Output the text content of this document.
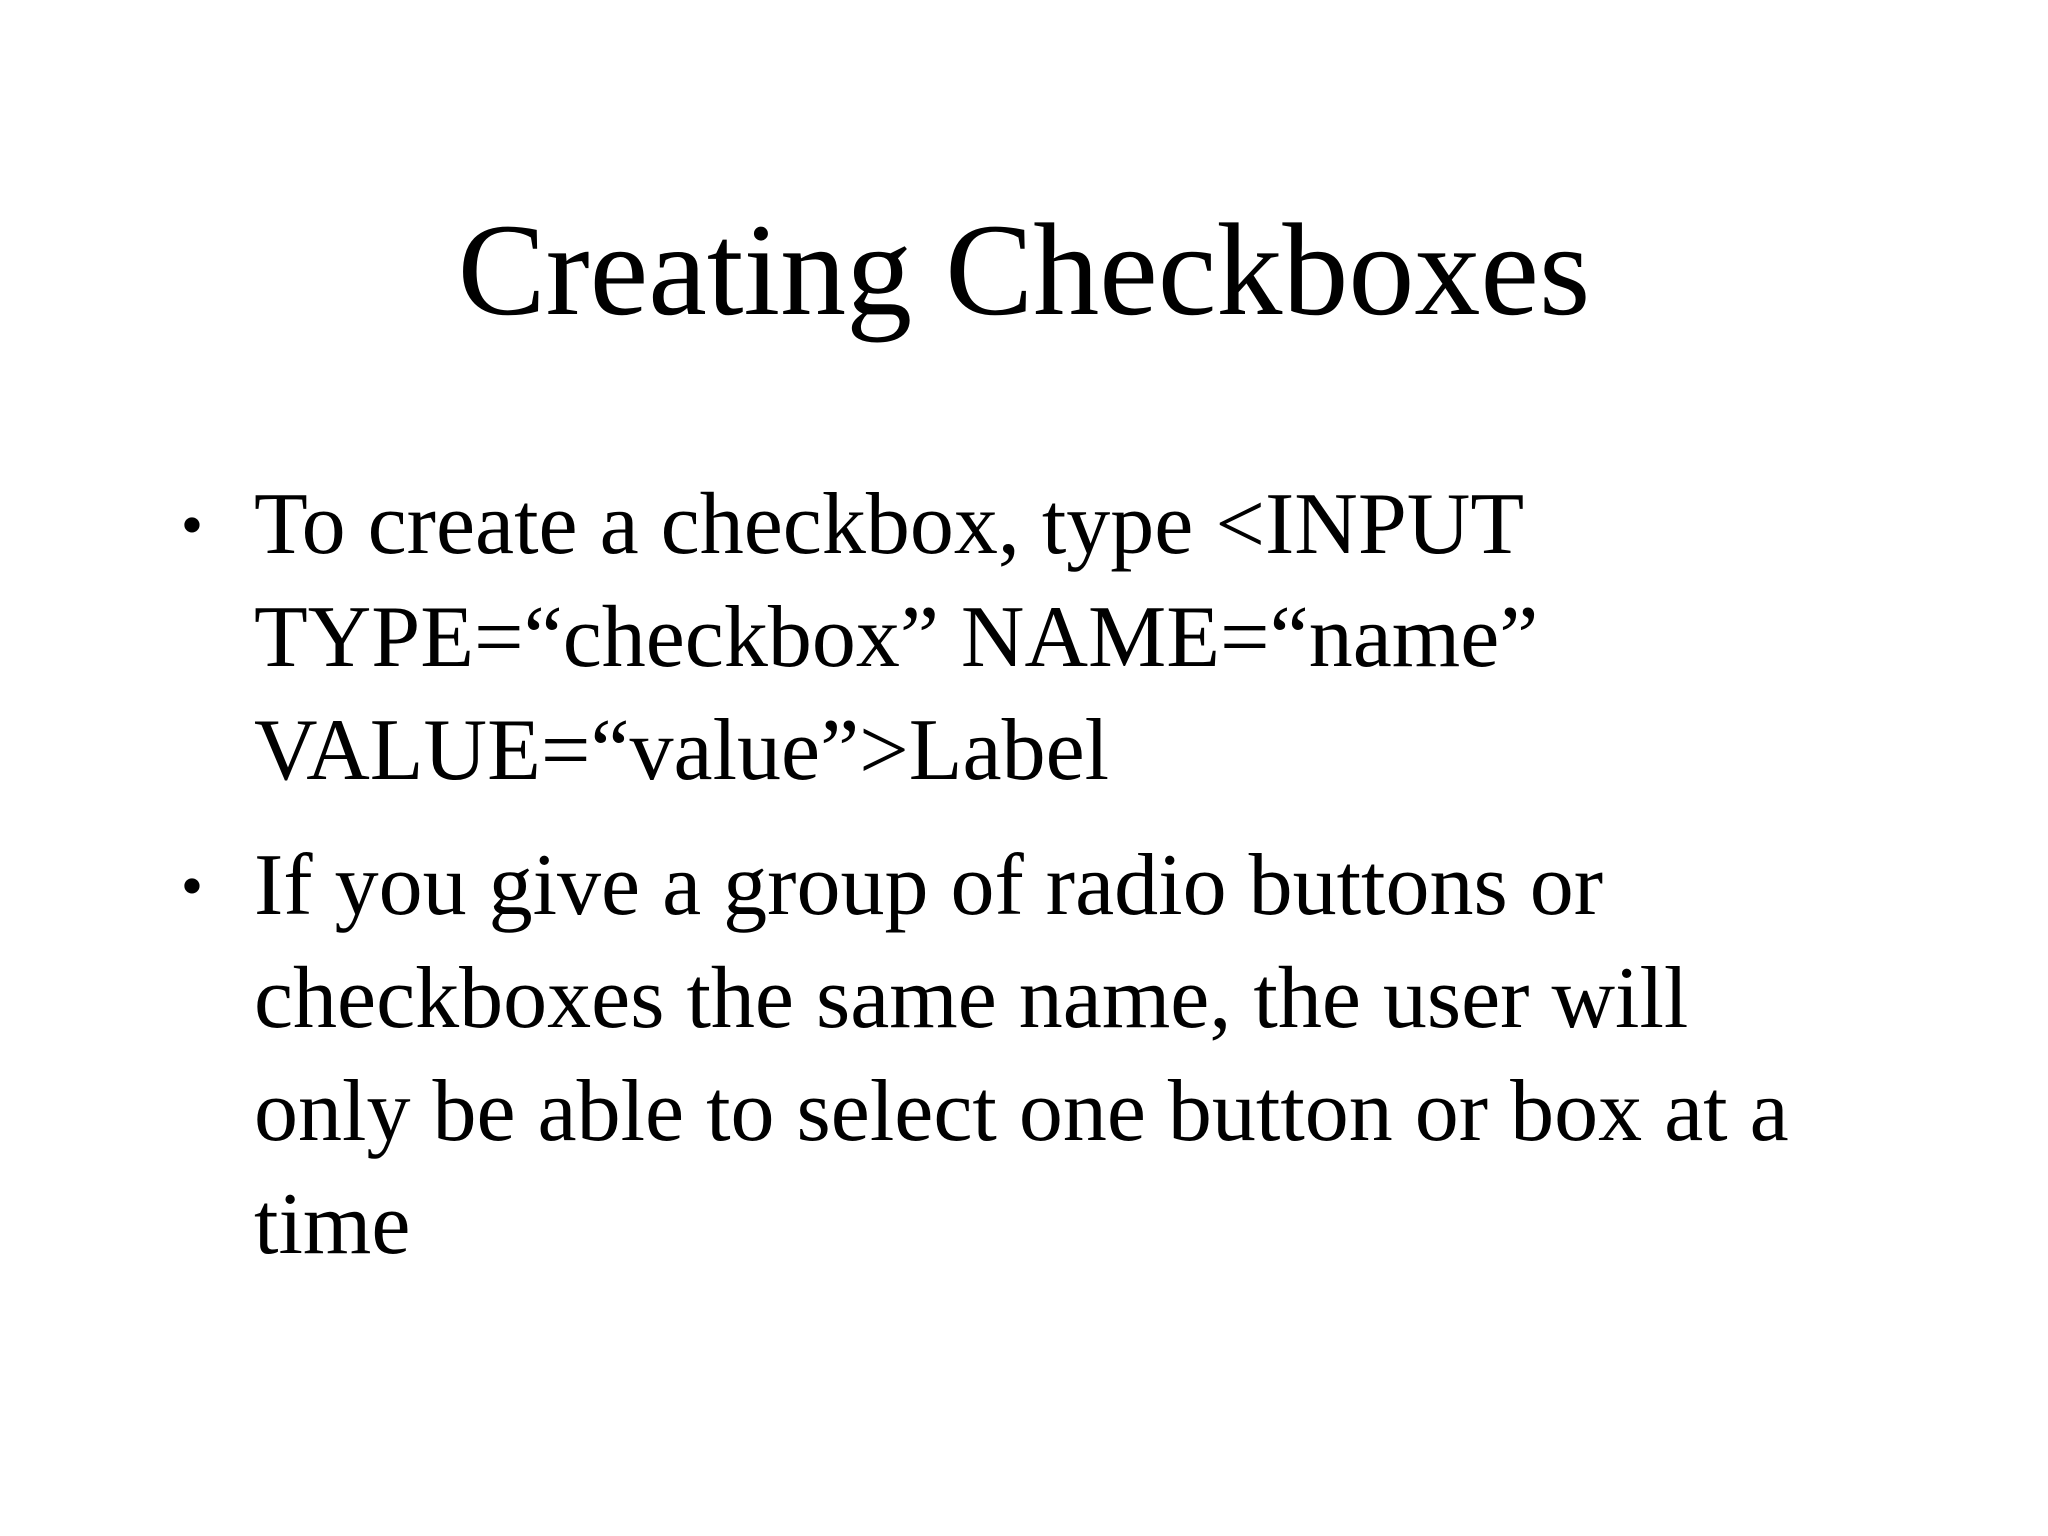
Creating Checkboxes
• To create a checkbox, type <INPUT
TYPE=“checkbox” NAME=“name”
VALUE=“value”>Label
• If you give a group of radio buttons or
checkboxes the same name, the user will
only be able to select one button or box at a
time
